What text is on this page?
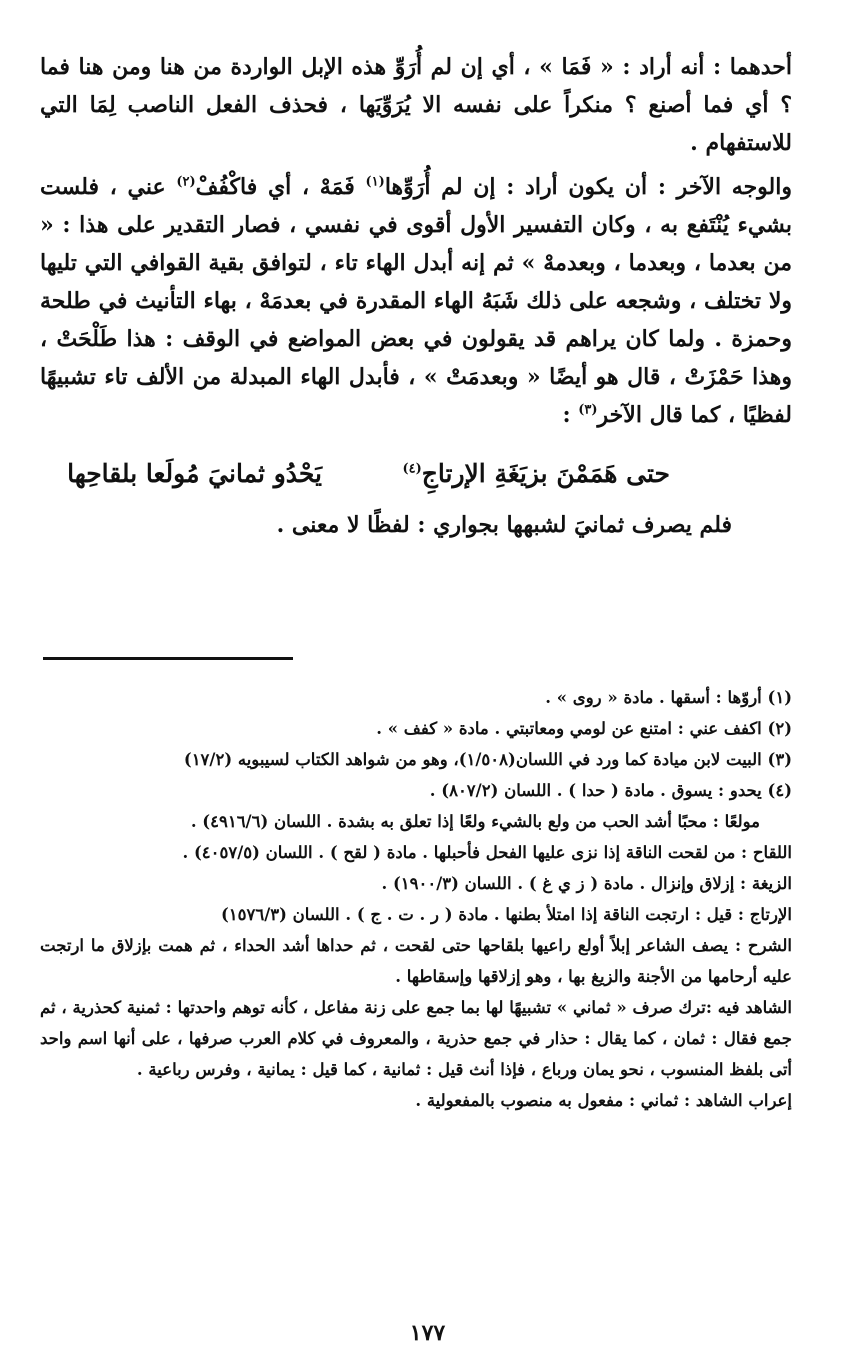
أحدهما : أنه أراد : « فَمَا » ، أي إن لم أُرَوِّ هذه الإبل الواردة من هنا ومن هنا فما ؟ أي فما أصنع ؟ منكراً على نفسه الا يُرَوِّيَها ، فحذف الفعل الناصب لِمَا التي للاستفهام .

والوجه الآخر : أن يكون أراد : إن لم أُرَوِّها$^{(١)}$ فَمَهْ ، أي فاكْفُفْ$^{(٢)}$ عني ، فلست بشيء يُنْتَفع به ، وكان التفسير الأول أقوى في نفسي ، فصار التقدير على هذا : « من بعدما ، وبعدما ، وبعدمهْ » ثم إنه أبدل الهاء تاء ، لتوافق بقية القوافي التي تليها ولا تختلف ، وشجعه على ذلك شَبَهُ الهاء المقدرة في بعدمَهْ ، بهاء التأنيث في طلحة وحمزة . ولما كان يراهم قد يقولون في بعض المواضع في الوقف : هذا طَلْحَتْ ، وهذا حَمْزَتْ ، قال هو أيضًا « وبعدمَتْ » ، فأبدل الهاء المبدلة من الألف تاء تشبيهًا لفظيًا ، كما قال الآخر$^{(٣)}$ :

يَحْدُو ثمانيَ مُولَعا بلقاحِها	حتى هَمَمْنَ بزيَغَةِ الإرتاجِ$^{(٤)}$

فلم يصرف ثمانيَ لشبهها بجواري : لفظًا لا معنى .

(١) أروّها : أسقها . مادة « روى » .

(٢) اكفف عني : امتنع عن لومي ومعاتبتي . مادة « كفف » .

(٣) البيت لابن ميادة كما ورد في اللسان(١/٥٠٨)، وهو من شواهد الكتاب لسيبويه (١٧/٢)

(٤) يحدو : يسوق . مادة ( حدا ) . اللسان (٨٠٧/٢) .

مولعًا : محبًا أشد الحب من ولع بالشيء ولعًا إذا تعلق به بشدة . اللسان (٤٩١٦/٦) .

اللقاح : من لقحت الناقة إذا نزى عليها الفحل فأحبلها . مادة ( لقح ) . اللسان (٤٠٥٧/٥) .

الزيغة : إزلاق وإنزال . مادة ( ز ي غ ) . اللسان (١٩٠٠/٣) .

الإرتاج : قيل : ارتجت الناقة إذا امتلأ بطنها . مادة ( ر . ت . ج ) . اللسان (١٥٧٦/٣)

الشرح : يصف الشاعر إبلاً أولع راعيها بلقاحها حتى لقحت ، ثم حداها أشد الحداء ، ثم همت بإزلاق ما ارتجت عليه أرحامها من الأجنة والزيغ بها ، وهو إزلاقها وإسقاطها .

الشاهد فيه :ترك صرف « ثماني » تشبيهًا لها بما جمع على زنة مفاعل ، كأنه توهم واحدتها : ثمنية كحذرية ، ثم جمع فقال : ثمان ، كما يقال : حذار في جمع حذرية ، والمعروف في كلام العرب صرفها ، على أنها اسم واحد أتى بلفظ المنسوب ، نحو يمان ورباع ، فإذا أنث قيل : ثمانية ، كما قيل : يمانية ، وفرس رباعية .

إعراب الشاهد : ثماني : مفعول به منصوب بالمفعولية .

١٧٧
